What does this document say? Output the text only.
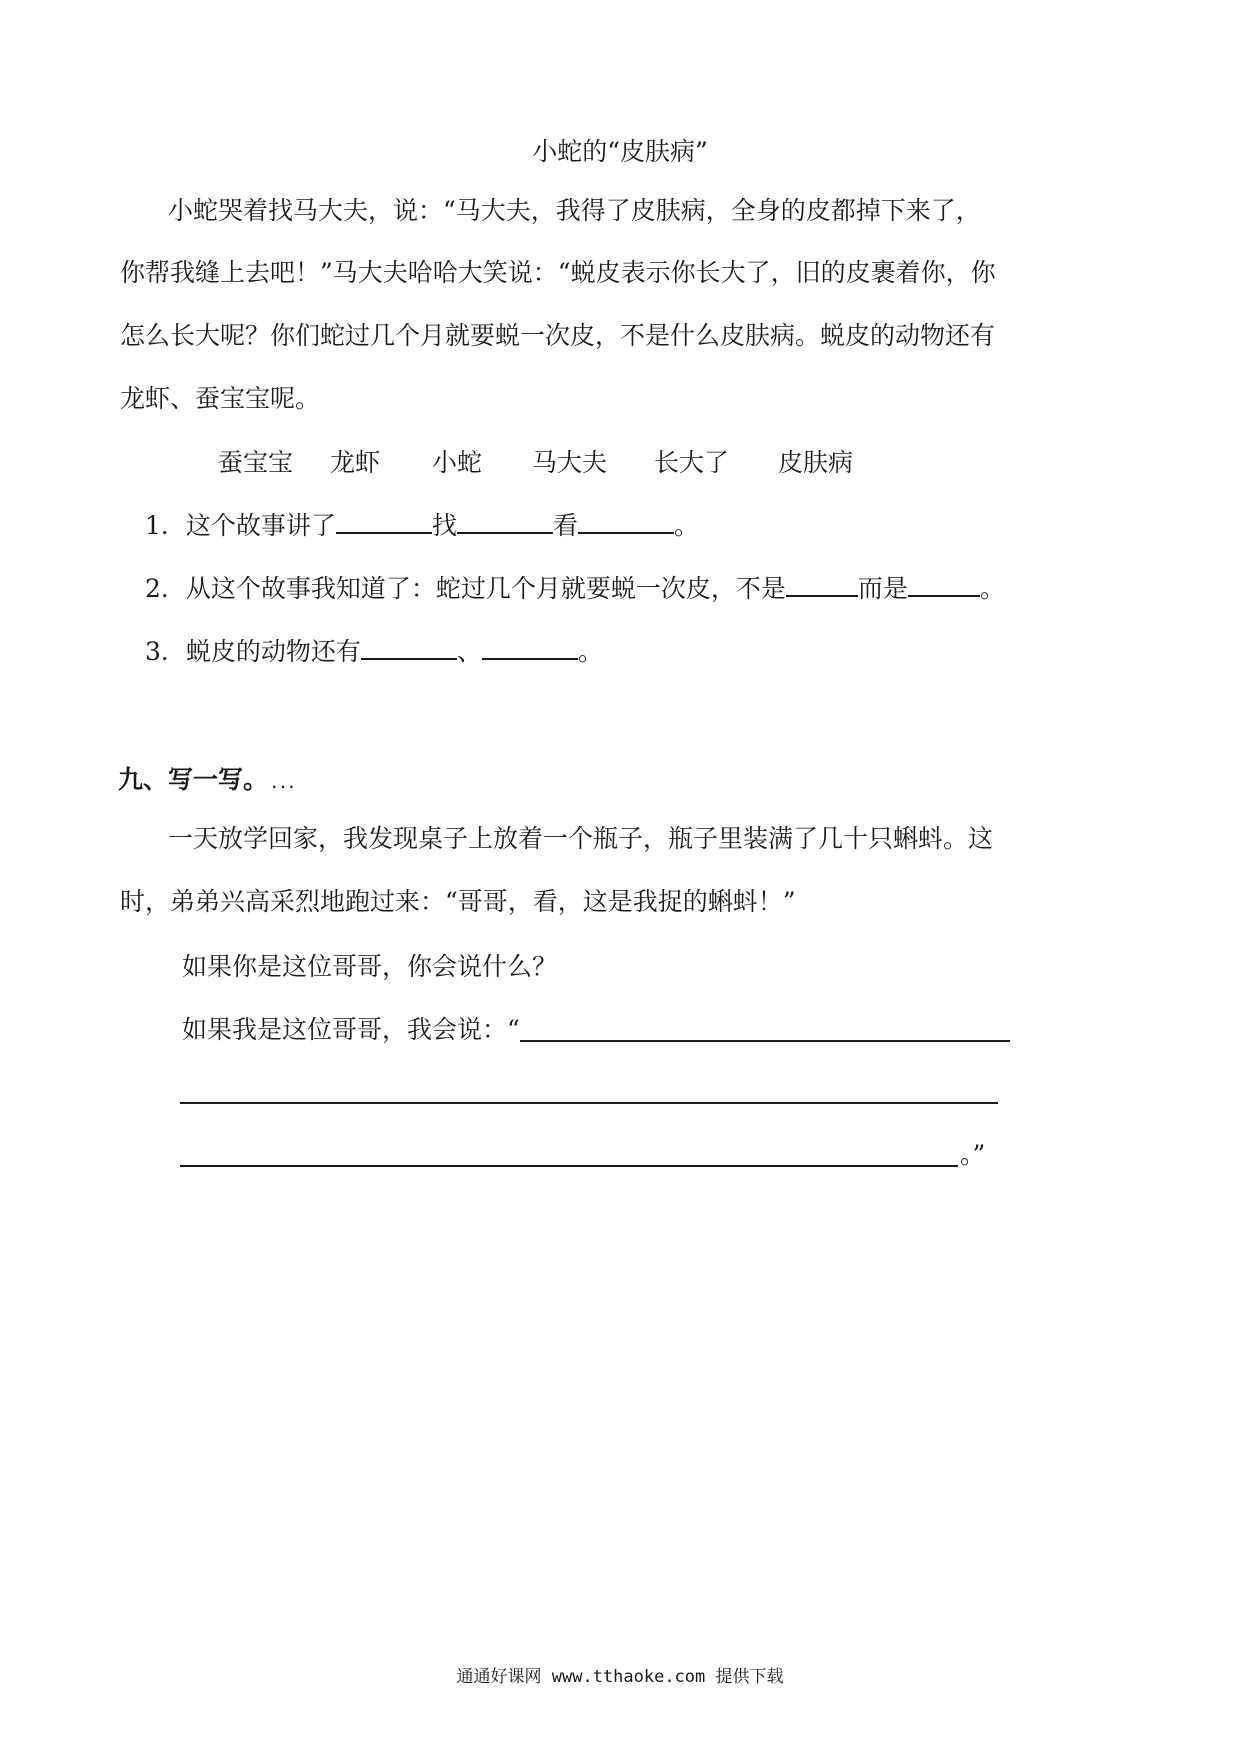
小蛇的“皮肤病”
小蛇哭着找马大夫，说：“马大夫，我得了皮肤病，全身的皮都掉下来了，
你帮我缝上去吧！”马大夫哈哈大笑说：“蜕皮表示你长大了，旧的皮裹着你，你
怎么长大呢？你们蛇过几个月就要蜕一次皮，不是什么皮肤病。蜕皮的动物还有
龙虾、蚕宝宝呢。
蚕宝宝 龙虾 小蛇 马大夫 长大了 皮肤病
1．这个故事讲了	找	看	。
2．从这个故事我知道了：蛇过几个月就要蜕一次皮，不是	而是	。
3．蜕皮的动物还有	、	。
九、写一写。 ...
一天放学回家，我发现桌子上放着一个瓶子，瓶子里装满了几十只蝌蚪。这
时，弟弟兴高采烈地跑过来：“哥哥，看，这是我捉的蝌蚪！”
如果你是这位哥哥，你会说什么？
如果我是这位哥哥，我会说：“
。”
通通好课网 www.tthaoke.com 提供下载
